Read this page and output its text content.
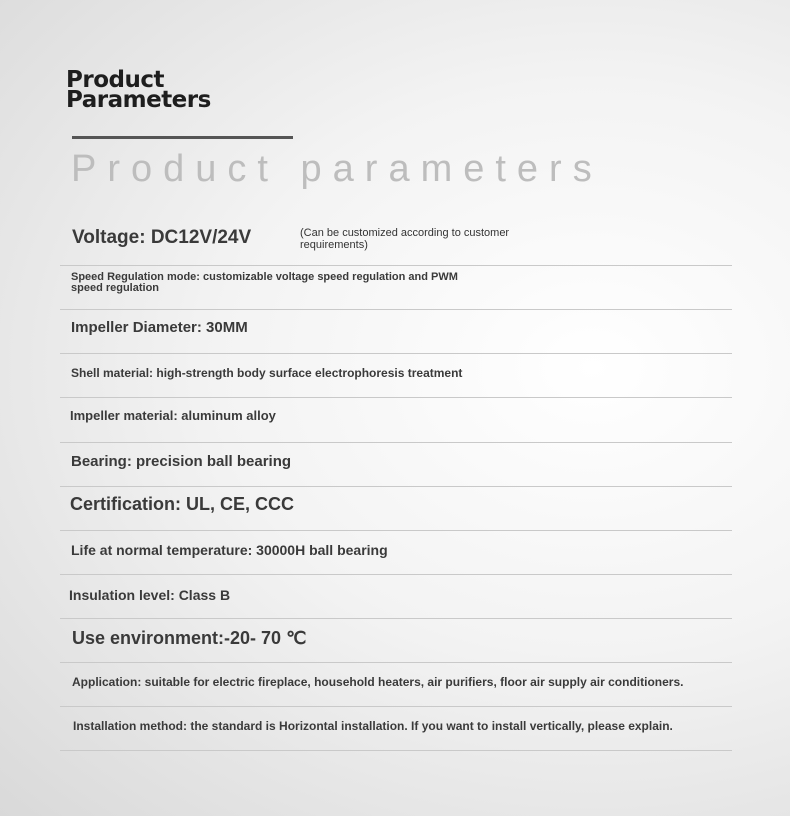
Product
Parameters
Product parameters
Voltage: DC12V/24V	(Can be customized according to customer requirements)
Speed Regulation mode: customizable voltage speed regulation and PWM speed regulation
Impeller Diameter: 30MM
Shell material: high-strength body surface electrophoresis treatment
Impeller material: aluminum alloy
Bearing: precision ball bearing
Certification: UL, CE, CCC
Life at normal temperature: 30000H ball bearing
Insulation level: Class B
Use environment:-20- 70 ℃
Application: suitable for electric fireplace, household heaters, air purifiers, floor air supply air conditioners.
Installation method: the standard is Horizontal installation. If you want to install vertically, please explain.
